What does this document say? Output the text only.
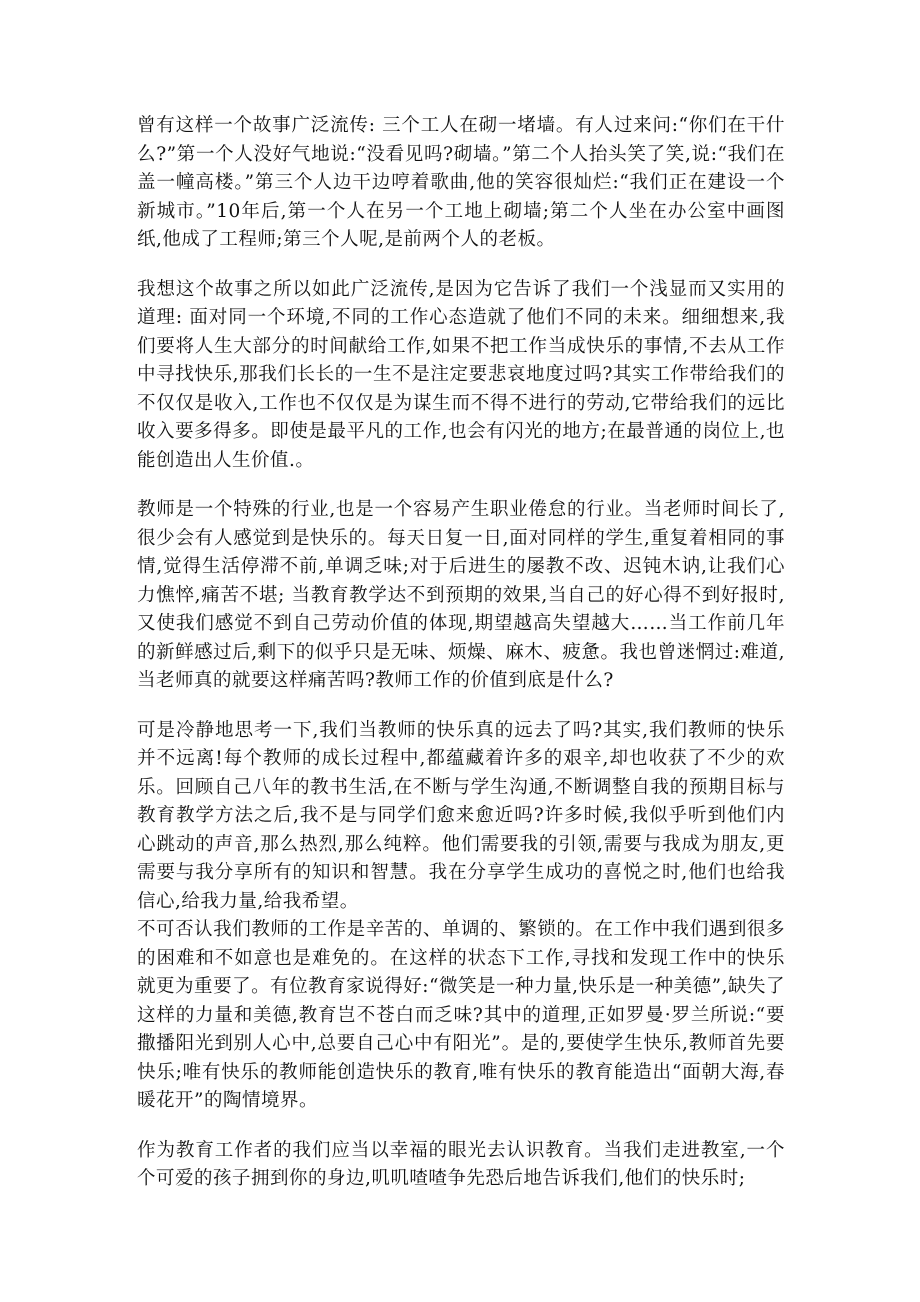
曾有这样一个故事广泛流传: 三个工人在砌一堵墙。有人过来问:“你们在干什么?”第一个人没好气地说:“没看见吗?砌墙。”第二个人抬头笑了笑,说:“我们在盖一幢高楼。”第三个人边干边哼着歌曲,他的笑容很灿烂:“我们正在建设一个新城市。”10年后,第一个人在另一个工地上砌墙;第二个人坐在办公室中画图纸,他成了工程师;第三个人呢,是前两个人的老板。

我想这个故事之所以如此广泛流传,是因为它告诉了我们一个浅显而又实用的道理: 面对同一个环境,不同的工作心态造就了他们不同的未来。细细想来,我们要将人生大部分的时间献给工作,如果不把工作当成快乐的事情,不去从工作中寻找快乐,那我们长长的一生不是注定要悲哀地度过吗?其实工作带给我们的不仅仅是收入,工作也不仅仅是为谋生而不得不进行的劳动,它带给我们的远比收入要多得多。即使是最平凡的工作,也会有闪光的地方;在最普通的岗位上,也能创造出人生价值.。

教师是一个特殊的行业,也是一个容易产生职业倦怠的行业。当老师时间长了,很少会有人感觉到是快乐的。每天日复一日,面对同样的学生,重复着相同的事情,觉得生活停滞不前,单调乏味;对于后进生的屡教不改、迟钝木讷,让我们心力憔悴,痛苦不堪; 当教育教学达不到预期的效果,当自己的好心得不到好报时,又使我们感觉不到自己劳动价值的体现,期望越高失望越大……当工作前几年的新鲜感过后,剩下的似乎只是无味、烦燥、麻木、疲惫。我也曾迷惘过:难道,当老师真的就要这样痛苦吗?教师工作的价值到底是什么?

可是冷静地思考一下,我们当教师的快乐真的远去了吗?其实,我们教师的快乐并不远离!每个教师的成长过程中,都蕴藏着许多的艰辛,却也收获了不少的欢乐。回顾自己八年的教书生活,在不断与学生沟通,不断调整自我的预期目标与教育教学方法之后,我不是与同学们愈来愈近吗?许多时候,我似乎听到他们内心跳动的声音,那么热烈,那么纯粹。他们需要我的引领,需要与我成为朋友,更需要与我分享所有的知识和智慧。我在分享学生成功的喜悦之时,他们也给我信心,给我力量,给我希望。

不可否认我们教师的工作是辛苦的、单调的、繁锁的。在工作中我们遇到很多的困难和不如意也是难免的。在这样的状态下工作,寻找和发现工作中的快乐就更为重要了。有位教育家说得好:“微笑是一种力量,快乐是一种美德”,缺失了这样的力量和美德,教育岂不苍白而乏味?其中的道理,正如罗曼·罗兰所说:“要撒播阳光到别人心中,总要自己心中有阳光”。是的,要使学生快乐,教师首先要快乐;唯有快乐的教师能创造快乐的教育,唯有快乐的教育能造出“面朝大海,春暖花开”的陶情境界。

作为教育工作者的我们应当以幸福的眼光去认识教育。当我们走进教室,一个个可爱的孩子拥到你的身边,叽叽喳喳争先恐后地告诉我们,他们的快乐时;
